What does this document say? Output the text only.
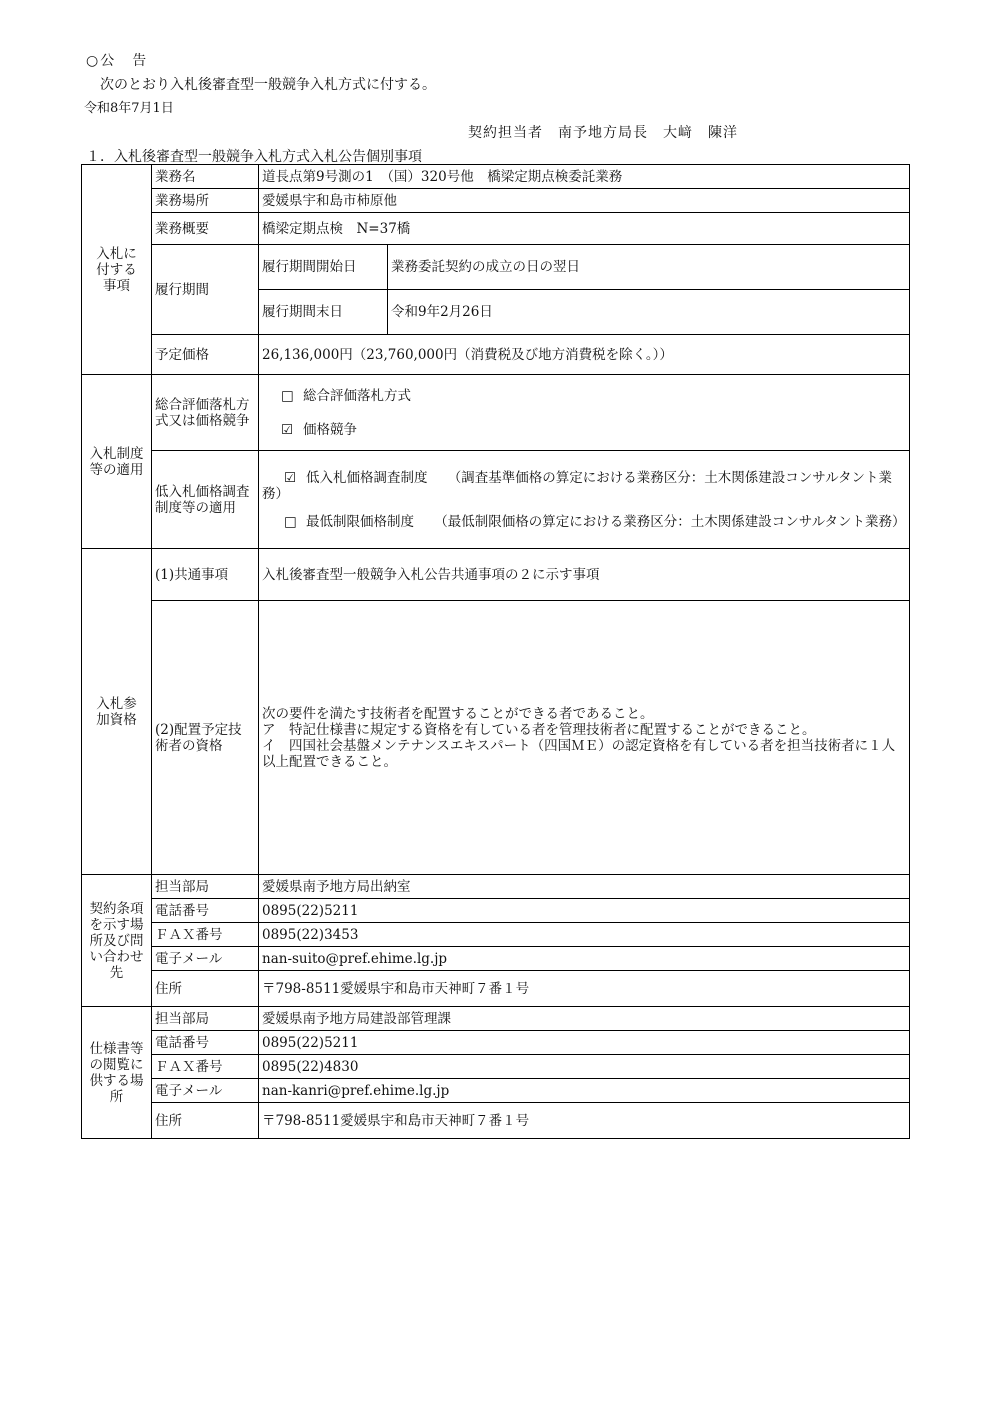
○公　告
次のとおり入札後審査型一般競争入札方式に付する。
令和8年7月1日
契約担当者　南予地方局長　大﨑　陳洋
１．入札後審査型一般競争入札方式入札公告個別事項
入札に付する事項	業務名	道長点第9号測の1　（国）320号他　橋梁定期点検委託業務	
	業務場所	愛媛県宇和島市柿原他	
	業務概要	橋梁定期点検　N=37橋	
	履行期間	履行期間開始日	業務委託契約の成立の日の翌日
		履行期間末日	令和9年2月26日
	予定価格	26,136,000円（23,760,000円（消費税及び地方消費税を除く。））	

入札制度等の適用	総合評価落札方式又は価格競争	□ 総合評価落札方式
☑ 価格競争	

	低入札価格調査制度等の適用	☑ 低入札価格調査制度　　（調査基準価格の算定における業務区分：土木関係建設コンサルタント業務）
□ 最低制限価格制度　　（最低制限価格の算定における業務区分：土木関係建設コンサルタント業務）	

入札参加資格	(1)共通事項	入札後審査型一般競争入札公告共通事項の２に示す事項	
	(2)配置予定技術者の資格	次の要件を満たす技術者を配置することができる者であること。
ア　特記仕様書に規定する資格を有している者を管理技術者に配置することができること。
イ　四国社会基盤メンテナンスエキスパート（四国ＭＥ）の認定資格を有している者を担当技術者に１人以上配置できること。	

契約条項を示す場所及び問い合わせ先	担当部局	愛媛県南予地方局出納室	
	電話番号	0895(22)5211	
	ＦＡＸ番号	0895(22)3453	
	電子メール	nan-suito@pref.ehime.lg.jp	
	住所	〒798-8511愛媛県宇和島市天神町７番１号	

仕様書等の閲覧に供する場所	担当部局	愛媛県南予地方局建設部管理課	
	電話番号	0895(22)5211	
	ＦＡＸ番号	0895(22)4830	
	電子メール	nan-kanri@pref.ehime.lg.jp	
	住所	〒798-8511愛媛県宇和島市天神町７番１号	
